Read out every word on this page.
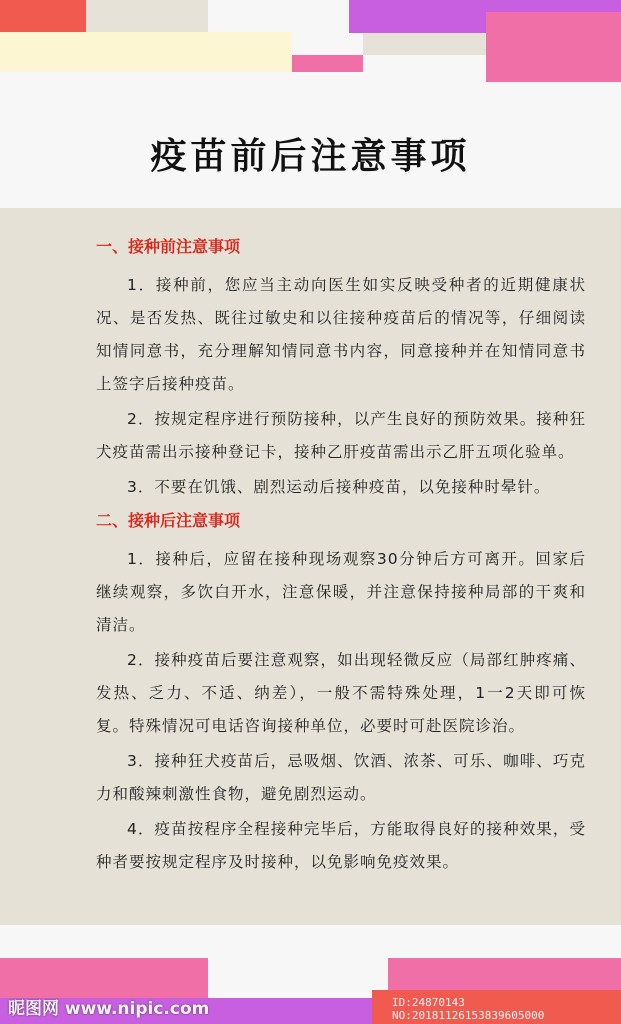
疫苗前后注意事项
一、接种前注意事项

1．接种前，您应当主动向医生如实反映受种者的近期健康状况、是否发热、既往过敏史和以往接种疫苗后的情况等，仔细阅读知情同意书，充分理解知情同意书内容，同意接种并在知情同意书上签字后接种疫苗。

2．按规定程序进行预防接种，以产生良好的预防效果。接种狂犬疫苗需出示接种登记卡，接种乙肝疫苗需出示乙肝五项化验单。

3．不要在饥饿、剧烈运动后接种疫苗，以免接种时晕针。

二、接种后注意事项

1．接种后，应留在接种现场观察30分钟后方可离开。回家后继续观察，多饮白开水，注意保暖，并注意保持接种局部的干爽和清洁。

2．接种疫苗后要注意观察，如出现轻微反应（局部红肿疼痛、发热、乏力、不适、纳差），一般不需特殊处理，1一2天即可恢复。特殊情况可电话咨询接种单位，必要时可赴医院诊治。

3．接种狂犬疫苗后，忌吸烟、饮酒、浓茶、可乐、咖啡、巧克力和酸辣刺激性食物，避免剧烈运动。

4．疫苗按程序全程接种完毕后，方能取得良好的接种效果，受种者要按规定程序及时接种，以免影响免疫效果。

昵图网 www.nipic.com	ID:24870143 NO:20181126153839605000
